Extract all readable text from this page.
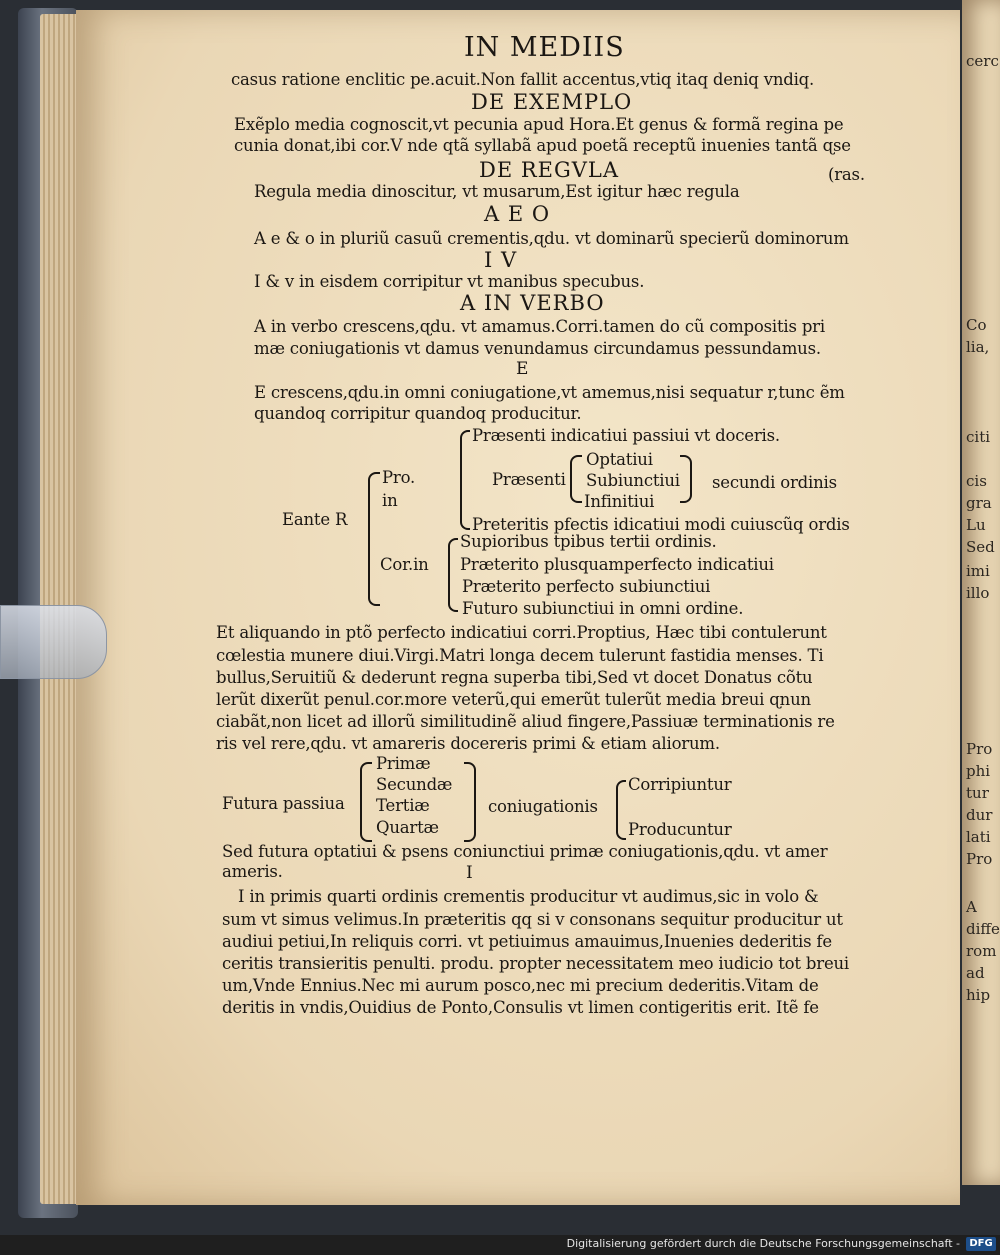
IN MEDIIS
casus ratione enclitic pe.acuit.Non fallit accentus,vtiq itaq deniq vndiq.
DE EXEMPLO
Exẽplo media cognoscit,vt pecunia apud Hora.Et genus & formã regina pe
cunia donat,ibi cor.V nde qtã syllabã apud poetã receptũ inuenies tantã ɋse
DE REGVLA	(ras.
Regula media dinoscitur, vt musarum,Est igitur hæc regula
A E O
A e & o in pluriũ casuũ crementis,ɋdu. vt dominarũ specierũ dominorum
I V
I & v in eisdem corripitur vt manibus specubus.
A IN VERBO
A in verbo crescens,ɋdu. vt amamus.Corri.tamen do cũ compositis pri
mæ coniugationis vt damus venundamus circundamus pessundamus.
E
E crescens,ɋdu.in omni coniugatione,vt amemus,nisi sequatur r,tunc ẽm
quandoq corripitur quandoq producitur.
Eante R
Pro.
in
Cor.in
Præsenti indicatiui passiui vt doceris.
Optatiui
Præsenti Subiunctiui secundi ordinis
Infinitiui
Preteritis pfectis idicatiui modi cuiuscũq ordis
Supioribus tpibus tertii ordinis.
Præterito plusquamperfecto indicatiui
Præterito perfecto subiunctiui
Futuro subiunctiui in omni ordine.
Et aliquando in ptõ perfecto indicatiui corri.Proptius, Hæc tibi contulerunt
cœlestia munere diui.Virgi.Matri longa decem tulerunt fastidia menses. Ti
bullus,Seruitiũ & dederunt regna superba tibi,Sed vt docet Donatus cõtu
lerũt dixerũt penul.cor.more veterũ,qui emerũt tulerũt media breui ɋnun
ciabãt,non licet ad illorũ similitudinẽ aliud fingere,Passiuæ terminationis re
ris vel rere,ɋdu. vt amareris docereris primi & etiam aliorum.
Futura passiua
Primæ
Secundæ
Tertiæ
Quartæ
coniugationis
Corripiuntur
Producuntur
Sed futura optatiui & psens coniunctiui primæ coniugationis,ɋdu. vt amer
ameris.	I
I in primis quarti ordinis crementis producitur vt audimus,sic in volo &
sum vt simus velimus.In præteritis qq si v consonans sequitur producitur ut
audiui petiui,In reliquis corri. vt petiuimus amauimus,Inuenies dederitis fe
ceritis transieritis penulti. produ. propter necessitatem meo iudicio tot breui
um,Vnde Ennius.Nec mi aurum posco,nec mi precium dederitis.Vitam de
deritis in vndis,Ouidius de Ponto,Consulis vt limen contigeritis erit. Itẽ fe
cerc
Co
lia,
citi
cis
gra
Lu
Sed
imi
illo
Pro
phi
tur
dur
lati
Pro
A
diffe
rom
ad
hip
Digitalisierung gefördert durch die Deutsche Forschungsgemeinschaft - DFG
